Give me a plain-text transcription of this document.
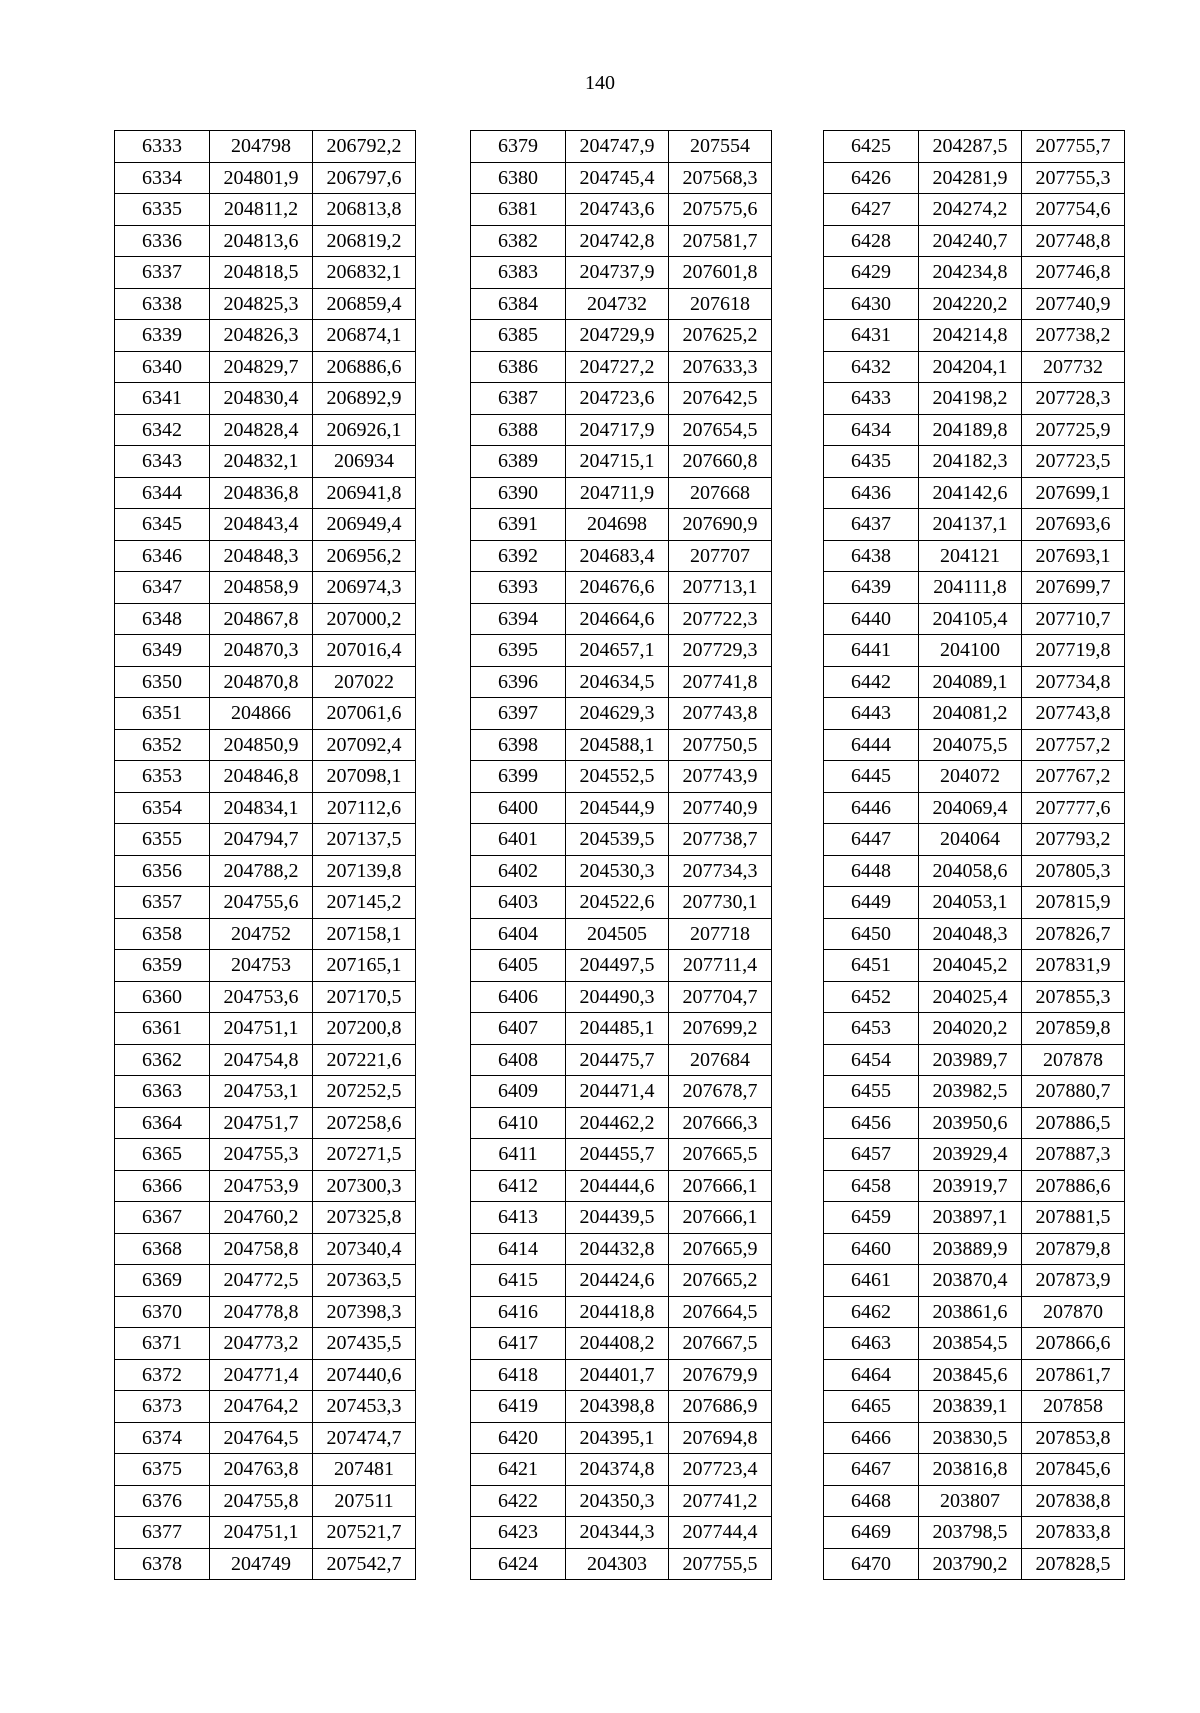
140
6333	204798	206792,2
6334	204801,9	206797,6
6335	204811,2	206813,8
6336	204813,6	206819,2
6337	204818,5	206832,1
6338	204825,3	206859,4
6339	204826,3	206874,1
6340	204829,7	206886,6
6341	204830,4	206892,9
6342	204828,4	206926,1
6343	204832,1	206934
6344	204836,8	206941,8
6345	204843,4	206949,4
6346	204848,3	206956,2
6347	204858,9	206974,3
6348	204867,8	207000,2
6349	204870,3	207016,4
6350	204870,8	207022
6351	204866	207061,6
6352	204850,9	207092,4
6353	204846,8	207098,1
6354	204834,1	207112,6
6355	204794,7	207137,5
6356	204788,2	207139,8
6357	204755,6	207145,2
6358	204752	207158,1
6359	204753	207165,1
6360	204753,6	207170,5
6361	204751,1	207200,8
6362	204754,8	207221,6
6363	204753,1	207252,5
6364	204751,7	207258,6
6365	204755,3	207271,5
6366	204753,9	207300,3
6367	204760,2	207325,8
6368	204758,8	207340,4
6369	204772,5	207363,5
6370	204778,8	207398,3
6371	204773,2	207435,5
6372	204771,4	207440,6
6373	204764,2	207453,3
6374	204764,5	207474,7
6375	204763,8	207481
6376	204755,8	207511
6377	204751,1	207521,7
6378	204749	207542,7
6379	204747,9	207554
6380	204745,4	207568,3
6381	204743,6	207575,6
6382	204742,8	207581,7
6383	204737,9	207601,8
6384	204732	207618
6385	204729,9	207625,2
6386	204727,2	207633,3
6387	204723,6	207642,5
6388	204717,9	207654,5
6389	204715,1	207660,8
6390	204711,9	207668
6391	204698	207690,9
6392	204683,4	207707
6393	204676,6	207713,1
6394	204664,6	207722,3
6395	204657,1	207729,3
6396	204634,5	207741,8
6397	204629,3	207743,8
6398	204588,1	207750,5
6399	204552,5	207743,9
6400	204544,9	207740,9
6401	204539,5	207738,7
6402	204530,3	207734,3
6403	204522,6	207730,1
6404	204505	207718
6405	204497,5	207711,4
6406	204490,3	207704,7
6407	204485,1	207699,2
6408	204475,7	207684
6409	204471,4	207678,7
6410	204462,2	207666,3
6411	204455,7	207665,5
6412	204444,6	207666,1
6413	204439,5	207666,1
6414	204432,8	207665,9
6415	204424,6	207665,2
6416	204418,8	207664,5
6417	204408,2	207667,5
6418	204401,7	207679,9
6419	204398,8	207686,9
6420	204395,1	207694,8
6421	204374,8	207723,4
6422	204350,3	207741,2
6423	204344,3	207744,4
6424	204303	207755,5
6425	204287,5	207755,7
6426	204281,9	207755,3
6427	204274,2	207754,6
6428	204240,7	207748,8
6429	204234,8	207746,8
6430	204220,2	207740,9
6431	204214,8	207738,2
6432	204204,1	207732
6433	204198,2	207728,3
6434	204189,8	207725,9
6435	204182,3	207723,5
6436	204142,6	207699,1
6437	204137,1	207693,6
6438	204121	207693,1
6439	204111,8	207699,7
6440	204105,4	207710,7
6441	204100	207719,8
6442	204089,1	207734,8
6443	204081,2	207743,8
6444	204075,5	207757,2
6445	204072	207767,2
6446	204069,4	207777,6
6447	204064	207793,2
6448	204058,6	207805,3
6449	204053,1	207815,9
6450	204048,3	207826,7
6451	204045,2	207831,9
6452	204025,4	207855,3
6453	204020,2	207859,8
6454	203989,7	207878
6455	203982,5	207880,7
6456	203950,6	207886,5
6457	203929,4	207887,3
6458	203919,7	207886,6
6459	203897,1	207881,5
6460	203889,9	207879,8
6461	203870,4	207873,9
6462	203861,6	207870
6463	203854,5	207866,6
6464	203845,6	207861,7
6465	203839,1	207858
6466	203830,5	207853,8
6467	203816,8	207845,6
6468	203807	207838,8
6469	203798,5	207833,8
6470	203790,2	207828,5
